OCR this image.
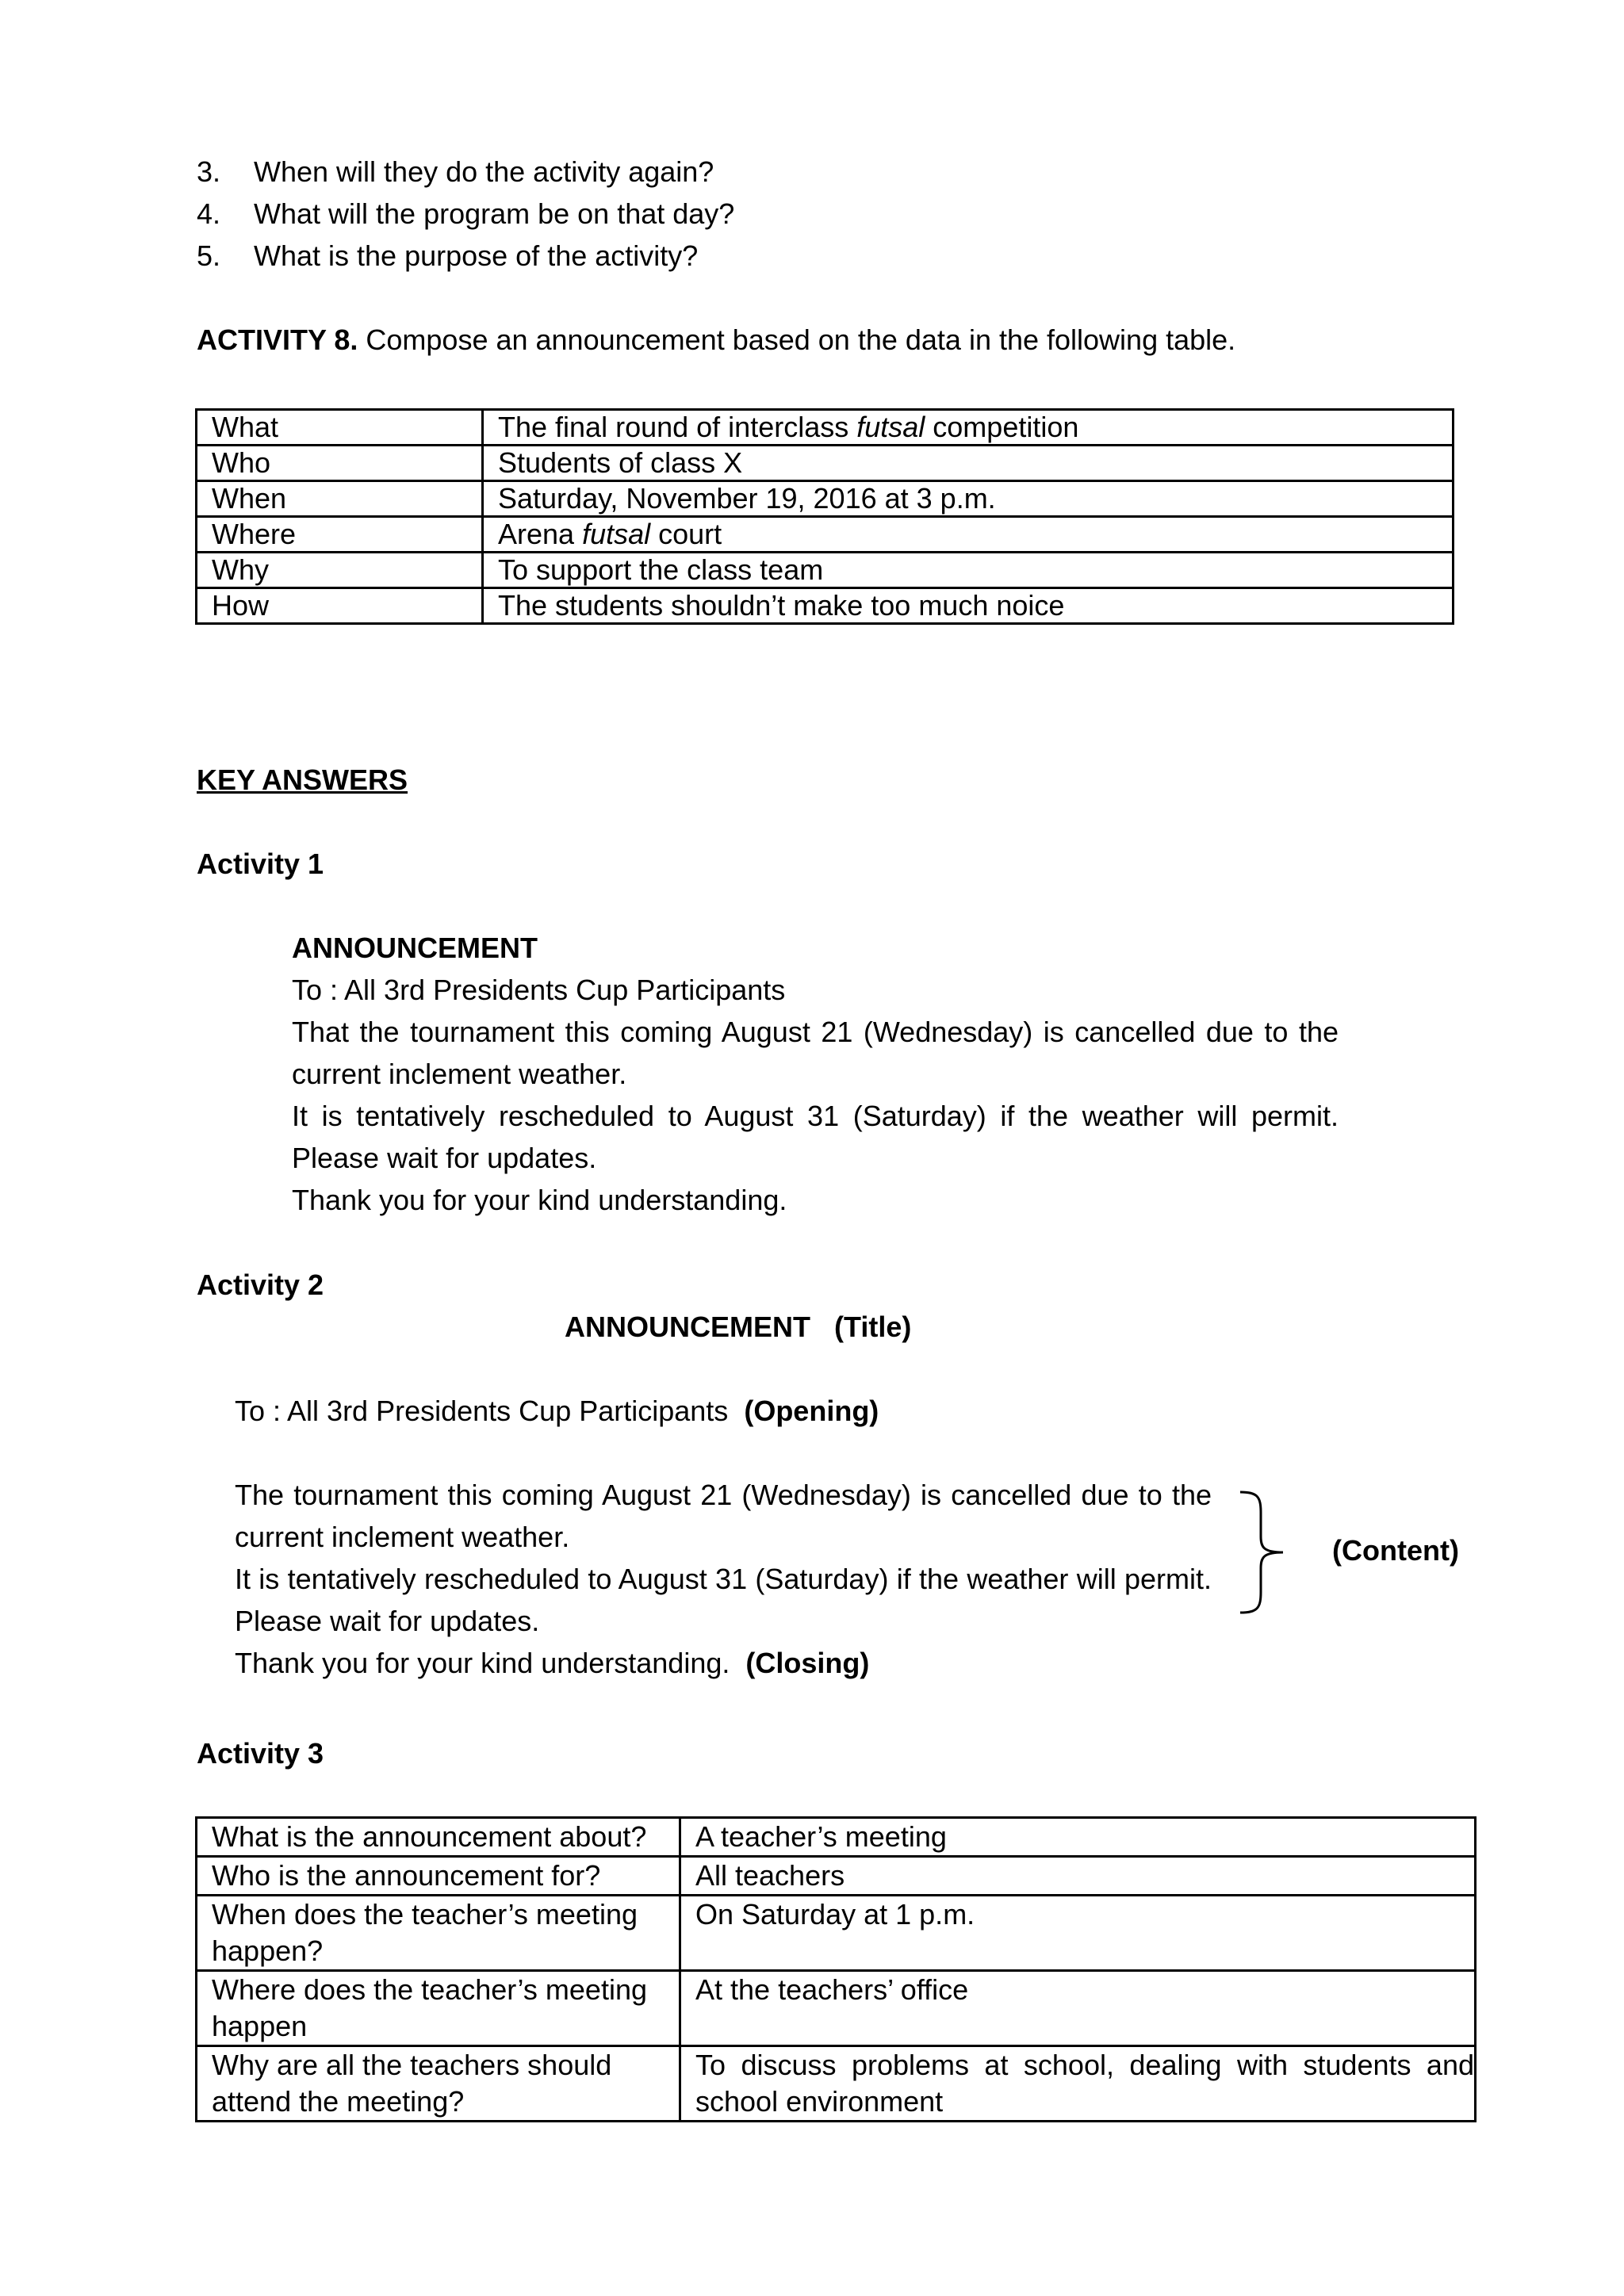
3.	When will they do the activity again?
4.	What will the program be on that day?
5.	What is the purpose of the activity?
ACTIVITY 8. Compose an announcement based on the data in the following table.
What	The final round of interclass futsal competition
Who	Students of class X
When	Saturday, November 19, 2016 at 3 p.m.
Where	Arena futsal court
Why	To support the class team
How	The students shouldn’t make too much noice
KEY ANSWERS
Activity 1
ANNOUNCEMENT
To : All 3rd Presidents Cup Participants
That the tournament this coming August 21 (Wednesday) is cancelled due to the current inclement weather.
It is tentatively rescheduled to August 31 (Saturday) if the weather will permit. Please wait for updates.
Thank you for your kind understanding.
Activity 2
ANNOUNCEMENT (Title)
To : All 3rd Presidents Cup Participants (Opening)
The tournament this coming August 21 (Wednesday) is cancelled due to the current inclement weather.
It is tentatively rescheduled to August 31 (Saturday) if the weather will permit. Please wait for updates.
(Content)
Thank you for your kind understanding. (Closing)
Activity 3
What is the announcement about?	A teacher’s meeting
Who is the announcement for?	All teachers
When does the teacher’s meeting happen?	On Saturday at 1 p.m.
Where does the teacher’s meeting happen	At the teachers’ office
Why are all the teachers should attend the meeting?	To discuss problems at school, dealing with students and school environment
